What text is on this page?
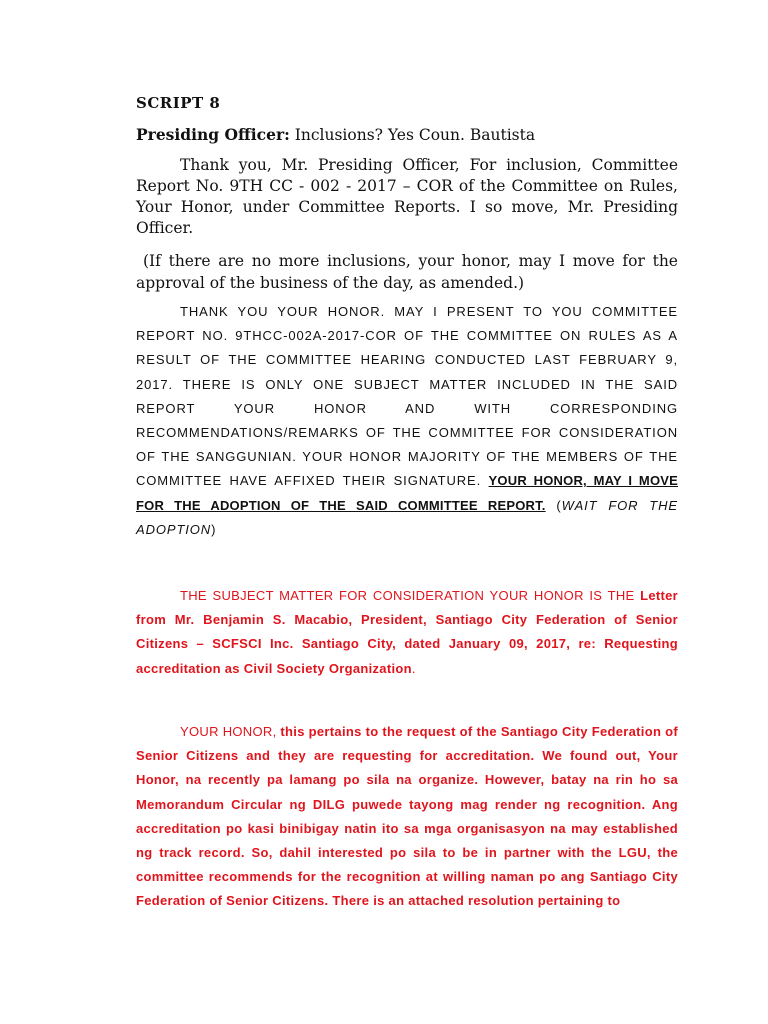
SCRIPT 8
Presiding Officer: Inclusions? Yes Coun. Bautista

Thank you, Mr. Presiding Officer, For inclusion, Committee Report No. 9TH CC - 002 - 2017 – COR of the Committee on Rules, Your Honor, under Committee Reports. I so move, Mr. Presiding Officer.

(If there are no more inclusions, your honor, may I move for the approval of the business of the day, as amended.)

THANK YOU YOUR HONOR. MAY I PRESENT TO YOU COMMITTEE REPORT NO. 9THCC-002A-2017-COR OF THE COMMITTEE ON RULES AS A RESULT OF THE COMMITTEE HEARING CONDUCTED LAST FEBRUARY 9, 2017. THERE IS ONLY ONE SUBJECT MATTER INCLUDED IN THE SAID REPORT YOUR HONOR AND WITH CORRESPONDING RECOMMENDATIONS/REMARKS OF THE COMMITTEE FOR CONSIDERATION OF THE SANGGUNIAN. YOUR HONOR MAJORITY OF THE MEMBERS OF THE COMMITTEE HAVE AFFIXED THEIR SIGNATURE. YOUR HONOR, MAY I MOVE FOR THE ADOPTION OF THE SAID COMMITTEE REPORT. (WAIT FOR THE ADOPTION)

THE SUBJECT MATTER FOR CONSIDERATION YOUR HONOR IS THE Letter from Mr. Benjamin S. Macabio, President, Santiago City Federation of Senior Citizens – SCFSCI Inc. Santiago City, dated January 09, 2017, re: Requesting accreditation as Civil Society Organization.

YOUR HONOR, this pertains to the request of the Santiago City Federation of Senior Citizens and they are requesting for accreditation. We found out, Your Honor, na recently pa lamang po sila na organize. However, batay na rin ho sa Memorandum Circular ng DILG puwede tayong mag render ng recognition. Ang accreditation po kasi binibigay natin ito sa mga organisasyon na may established ng track record. So, dahil interested po sila to be in partner with the LGU, the committee recommends for the recognition at willing naman po ang Santiago City Federation of Senior Citizens. There is an attached resolution pertaining to
